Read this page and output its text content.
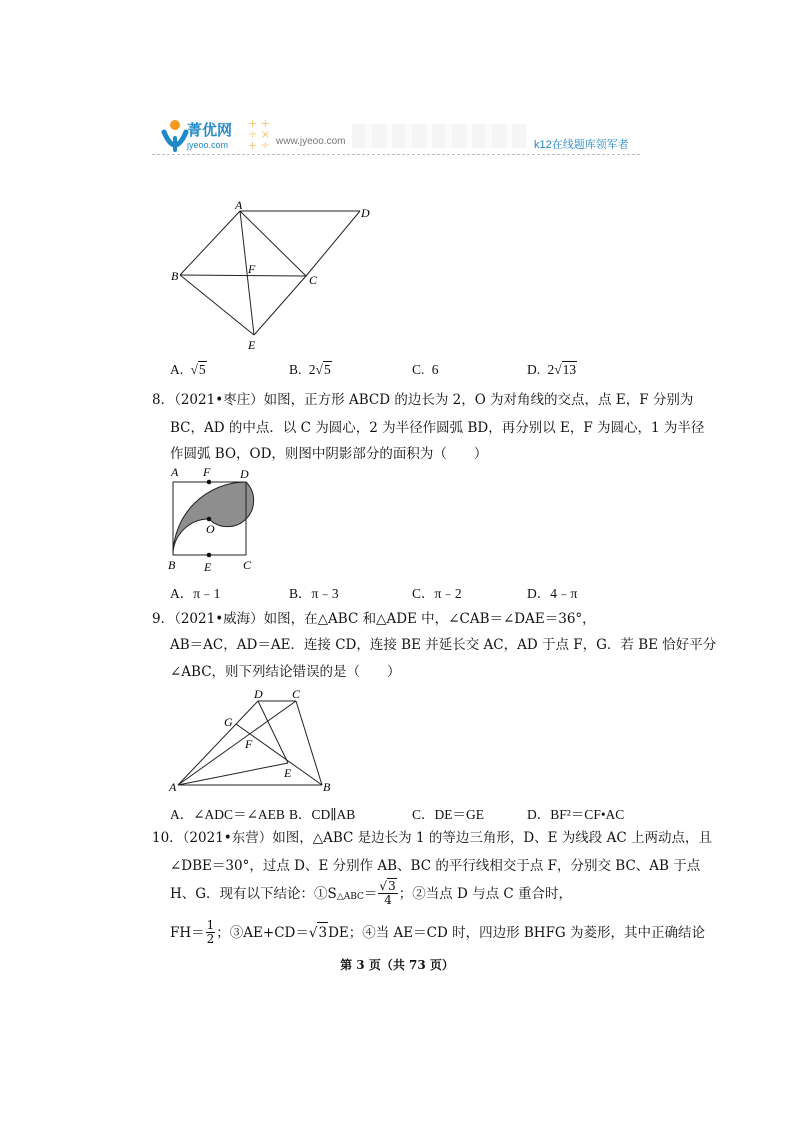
菁优网
jyeoo.com
+ +
÷ ×
+ ÷ www.jyeoo.com	k12在线题库领军者
A
D
B	F
C
E
A. √5	B. 2√5	C. 6	D. 2√13
8．（2021•枣庄）如图，正方形 ABCD 的边长为 2，O 为对角线的交点，点 E，F 分别为
BC，AD 的中点．以 C 为圆心，2 为半径作圆弧 BD，再分别以 E，F 为圆心，1 为半径
作圆弧 BO，OD，则图中阴影部分的面积为（　　）
A F D
O
B E	C
A．π﹣1	B．π﹣3	C．π﹣2	D．4﹣π
9．（2021•威海）如图，在△ABC 和△ADE 中，∠CAB＝∠DAE＝36°，
AB＝AC，AD＝AE．连接 CD，连接 BE 并延长交 AC，AD 于点 F，G．若 BE 恰好平分
∠ABC，则下列结论错误的是（　　）
D C
G
F
E
A	B
A．∠ADC＝∠AEB B．CD∥AB	C．DE＝GE	D．BF²＝CF•AC
10．（2021•东营）如图，△ABC 是边长为 1 的等边三角形，D、E 为线段 AC 上两动点，且
∠DBE＝30°，过点 D、E 分别作 AB、BC 的平行线相交于点 F，分别交 BC、AB 于点
H、G．现有以下结论：①S △ABC ＝ $\frac{√3}{4}$ ；②当点 D 与点 C 重合时，
$FH= \frac{1}{2}$ ；③AE+CD＝ √ 3 DE；④当 AE＝CD 时，四边形 BHFG 为菱形，其中正确结论
第 3 页（共 73 页）
